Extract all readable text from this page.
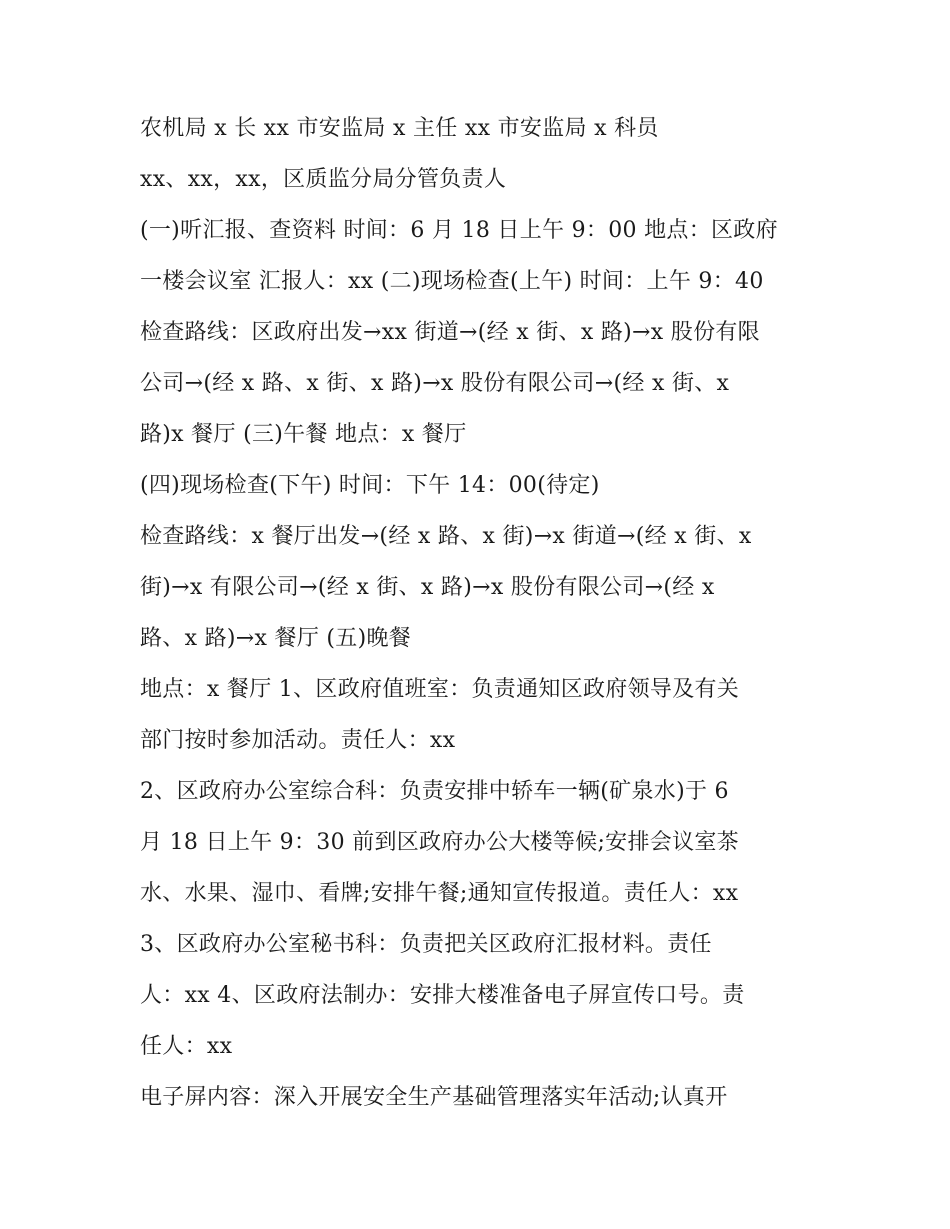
农机局 x 长 xx 市安监局 x 主任 xx 市安监局 x 科员
xx、xx，xx，区质监分局分管负责人
(一)听汇报、查资料 时间：6 月 18 日上午 9：00 地点：区政府
一楼会议室 汇报人：xx (二)现场检查(上午) 时间：上午 9：40
检查路线：区政府出发→xx 街道→(经 x 街、x 路)→x 股份有限
公司→(经 x 路、x 街、x 路)→x 股份有限公司→(经 x 街、x
路)x 餐厅 (三)午餐 地点：x 餐厅
(四)现场检查(下午) 时间：下午 14：00(待定)
检查路线：x 餐厅出发→(经 x 路、x 街)→x 街道→(经 x 街、x
街)→x 有限公司→(经 x 街、x 路)→x 股份有限公司→(经 x
路、x 路)→x 餐厅 (五)晚餐
地点：x 餐厅 1、区政府值班室：负责通知区政府领导及有关
部门按时参加活动。责任人：xx
2、区政府办公室综合科：负责安排中轿车一辆(矿泉水)于 6
月 18 日上午 9：30 前到区政府办公大楼等候;安排会议室茶
水、水果、湿巾、看牌;安排午餐;通知宣传报道。责任人：xx
3、区政府办公室秘书科：负责把关区政府汇报材料。责任
人：xx 4、区政府法制办：安排大楼准备电子屏宣传口号。责
任人：xx
电子屏内容：深入开展安全生产基础管理落实年活动;认真开
